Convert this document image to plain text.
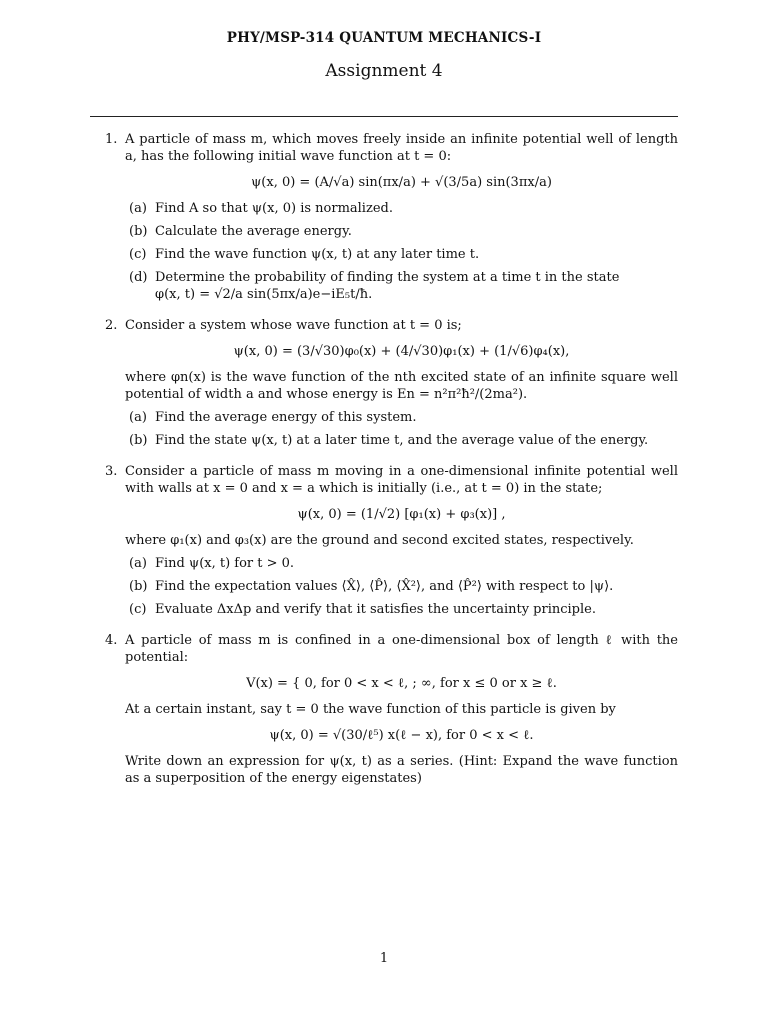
PHY/MSP-314 QUANTUM MECHANICS-I
Assignment 4
1. A particle of mass m, which moves freely inside an infinite potential well of length a, has the following initial wave function at t = 0:
ψ(x, 0) = (A/√a) sin(πx/a) + √(3/5a) sin(3πx/a)
(a) Find A so that ψ(x, 0) is normalized.
(b) Calculate the average energy.
(c) Find the wave function ψ(x, t) at any later time t.
(d) Determine the probability of finding the system at a time t in the state
φ(x, t) = √2/a sin(5πx/a)e−iE₅t/ħ.
2. Consider a system whose wave function at t = 0 is;
ψ(x, 0) = (3/√30)φ₀(x) + (4/√30)φ₁(x) + (1/√6)φ₄(x),
where φn(x) is the wave function of the nth excited state of an infinite square well potential of width a and whose energy is En = n²π²ħ²/(2ma²).
(a) Find the average energy of this system.
(b) Find the state ψ(x, t) at a later time t, and the average value of the energy.
3. Consider a particle of mass m moving in a one-dimensional infinite potential well with walls at x = 0 and x = a which is initially (i.e., at t = 0) in the state;
ψ(x, 0) = (1/√2) [φ₁(x) + φ₃(x)] ,
where φ₁(x) and φ₃(x) are the ground and second excited states, respectively.
(a) Find ψ(x, t) for t > 0.
(b) Find the expectation values ⟨X̂⟩, ⟨P̂⟩, ⟨X̂²⟩, and ⟨P̂²⟩ with respect to |ψ⟩.
(c) Evaluate ΔxΔp and verify that it satisfies the uncertainty principle.
4. A particle of mass m is confined in a one-dimensional box of length ℓ with the potential:
V(x) = { 0, for 0 < x < ℓ, ; ∞, for x ≤ 0 or x ≥ ℓ.
At a certain instant, say t = 0 the wave function of this particle is given by
ψ(x, 0) = √(30/ℓ⁵) x(ℓ − x), for 0 < x < ℓ.
Write down an expression for ψ(x, t) as a series. (Hint: Expand the wave function as a superposition of the energy eigenstates)
1
